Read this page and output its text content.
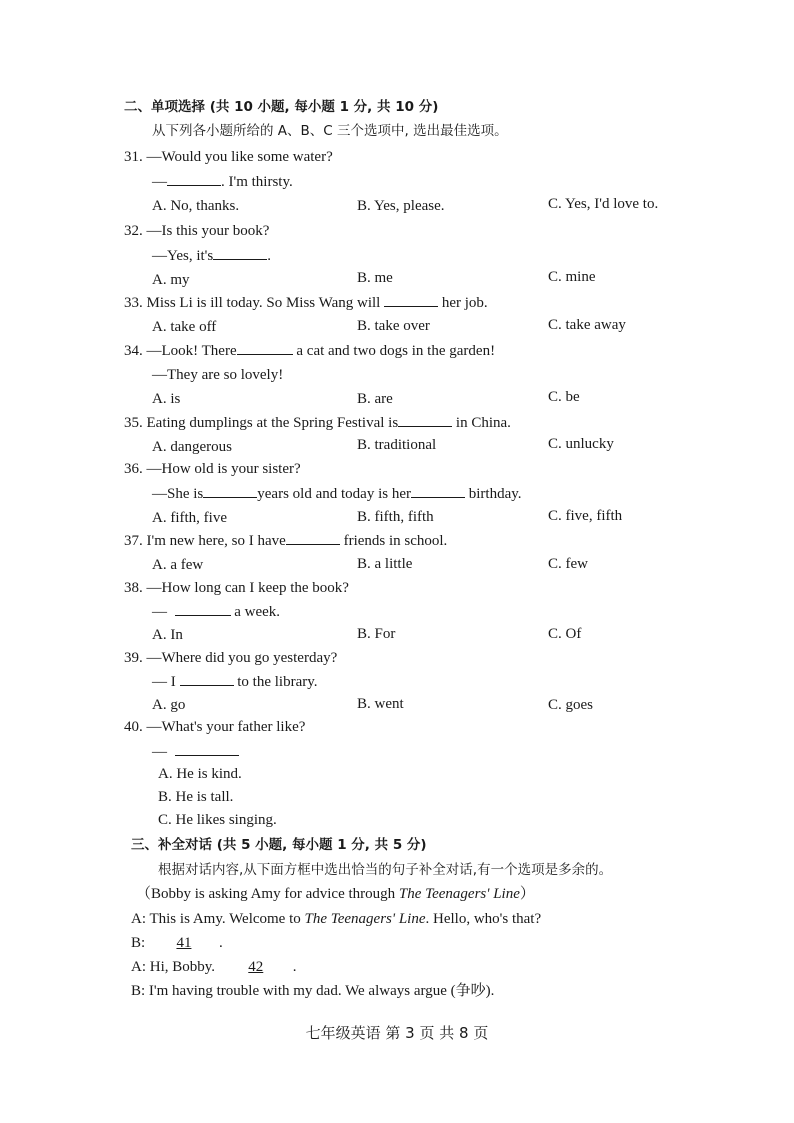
二、单项选择 (共 10 小题, 每小题 1 分, 共 10 分)
从下列各小题所给的 A、B、C 三个选项中, 选出最佳选项。
31. —Would you like some water?
—	. I'm thirsty.
A. No, thanks.	B. Yes, please.	C. Yes, I'd love to.
32. —Is this your book?
—Yes, it's	.
A. my	B. me	C. mine
33. Miss Li is ill today. So Miss Wang will	her job.
A. take off	B. take over	C. take away
34. —Look! There	a cat and two dogs in the garden!
—They are so lovely!
A. is	B. are	C. be
35. Eating dumplings at the Spring Festival is	in China.
A. dangerous	B. traditional	C. unlucky
36. —How old is your sister?
—She is	years old and today is her	birthday.
A. fifth, five	B. fifth, fifth	C. five, fifth
37. I'm new here, so I have	friends in school.
A. a few	B. a little	C. few
38. —How long can I keep the book?
—	a week.
A. In	B. For	C. Of
39. —Where did you go yesterday?
— I	to the library.
A. go	B. went	C. goes
40. —What's your father like?
—
A. He is kind.
B. He is tall.
C. He likes singing.
三、补全对话 (共 5 小题, 每小题 1 分, 共 5 分)
根据对话内容,从下面方框中选出恰当的句子补全对话,有一个选项是多余的。
（Bobby is asking Amy for advice through The Teenagers' Line）
A: This is Amy. Welcome to The Teenagers' Line. Hello, who's that?
B: 41 .
A: Hi, Bobby. 42 .
B: I'm having trouble with my dad. We always argue (争吵).
七年级英语 第 3 页 共 8 页
